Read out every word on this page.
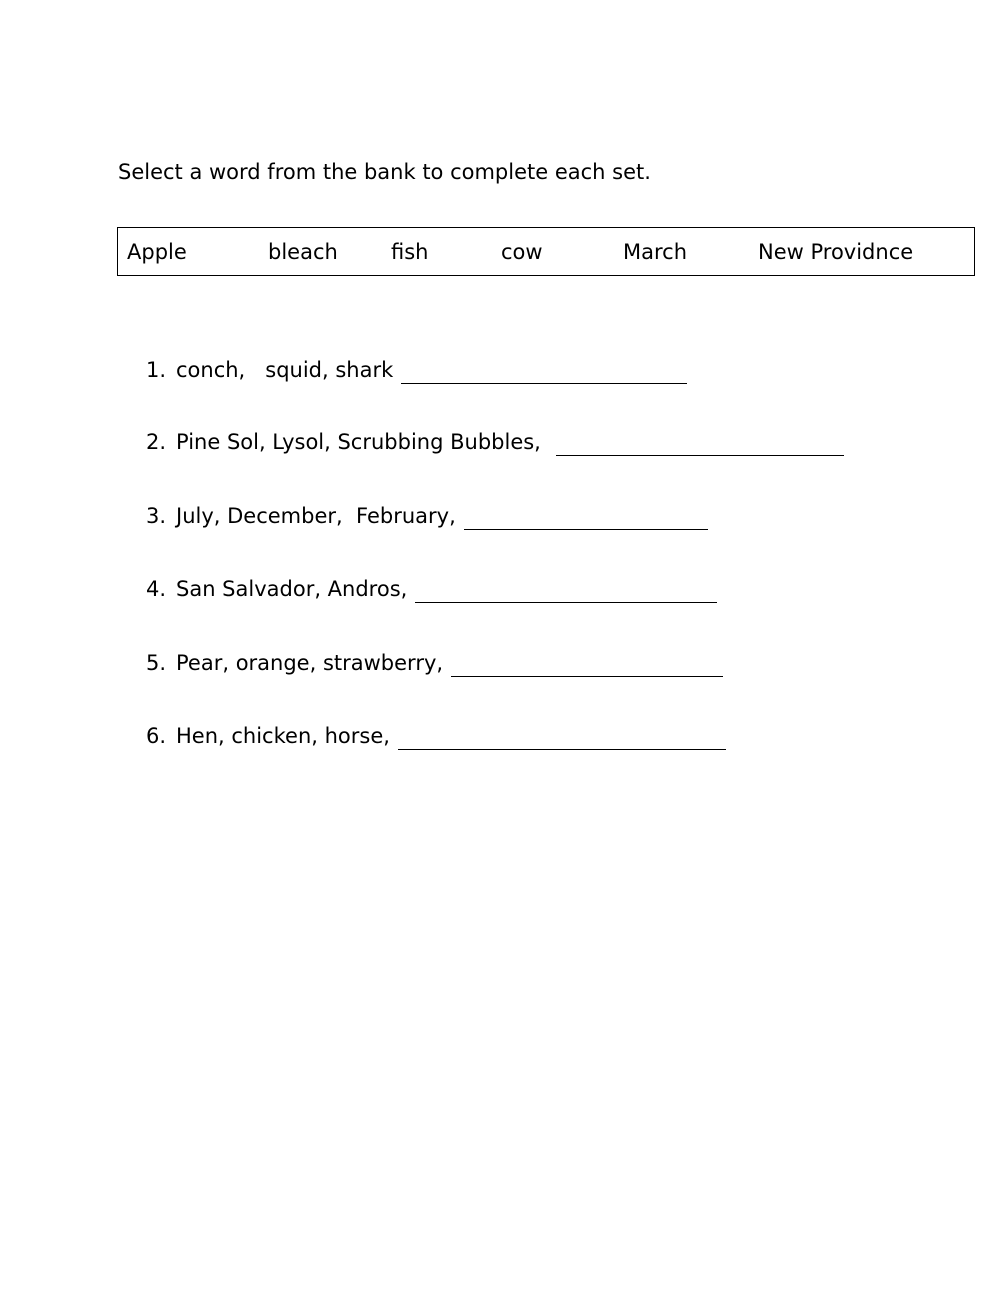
Select a word from the bank to complete each set.
Apple	bleach	fish	cow	March	New Providnce
1. conch,   squid, shark
2. Pine Sol, Lysol, Scrubbing Bubbles,
3. July, December,  February,
4. San Salvador, Andros,
5. Pear, orange, strawberry,
6. Hen, chicken, horse,
